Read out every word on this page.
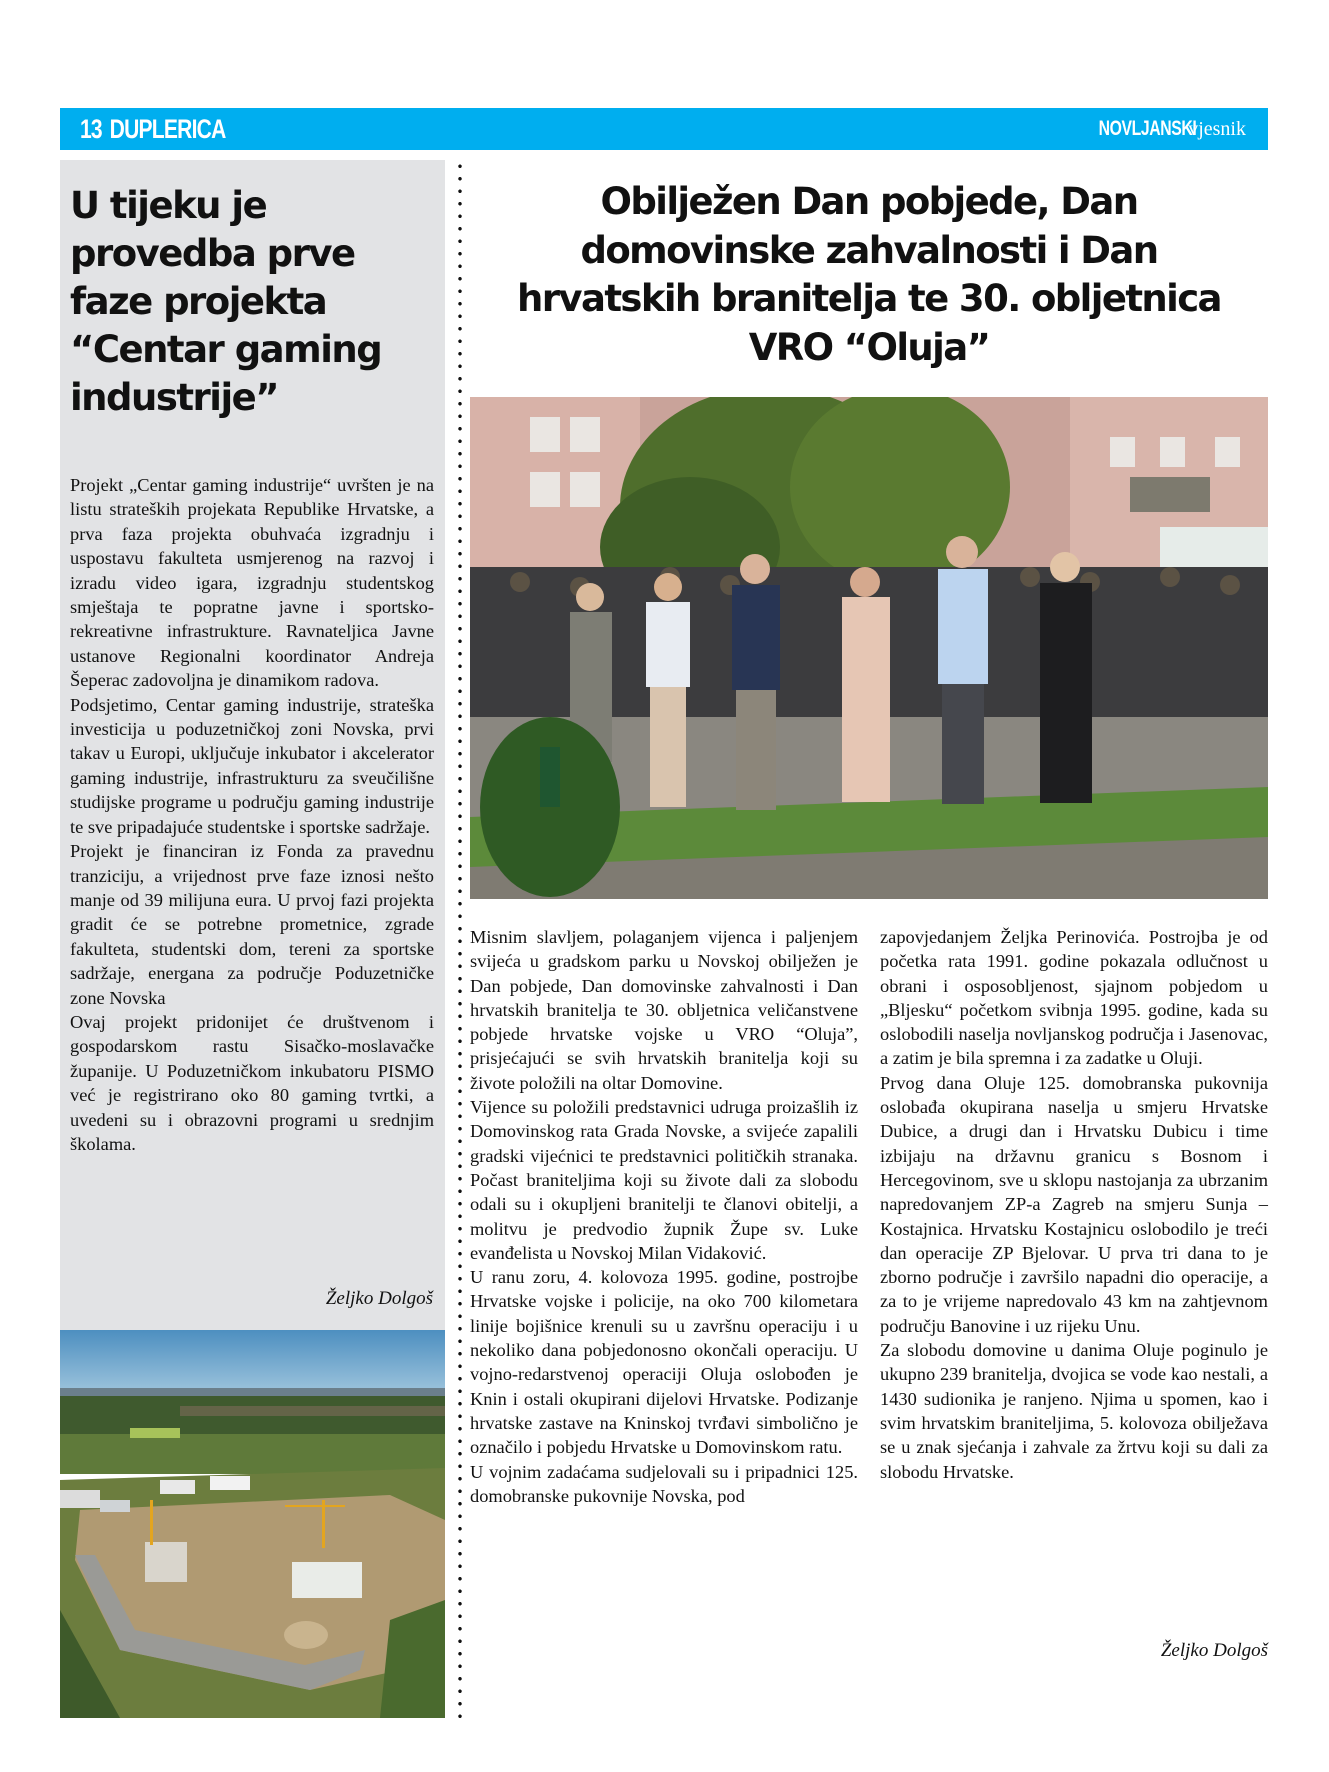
13 DUPLERICA	NOVLJANSKI vjesnik
U tijeku je
provedba prve
faze projekta
“Centar gaming
industrije”

Projekt „Centar gaming industrije“ uvršten je na listu strateških projekata Republike Hrvatske, a prva faza projekta obuhvaća izgradnju i uspostavu fakulteta usmjerenog na razvoj i izradu video igara, izgradnju studentskog smještaja te popratne javne i sportsko-rekreativne infrastrukture. Ravnateljica Javne ustanove Regionalni koordinator Andreja Šeperac zadovoljna je dinamikom radova.

Podsjetimo, Centar gaming industrije, strateška investicija u poduzetničkoj zoni Novska, prvi takav u Europi, uključuje inkubator i akcelerator gaming industrije, infrastrukturu za sveučilišne studijske programe u području gaming industrije te sve pripadajuće studentske i sportske sadržaje.

Projekt je financiran iz Fonda za pravednu tranziciju, a vrijednost prve faze iznosi nešto manje od 39 milijuna eura. U prvoj fazi projekta gradit će se potrebne prometnice, zgrade fakulteta, studentski dom, tereni za sportske sadržaje, energana za područje Poduzetničke zone Novska

Ovaj projekt pridonijet će društvenom i gospodarskom rastu Sisačko-moslavačke županije. U Poduzetničkom inkubatoru PISMO već je registrirano oko 80 gaming tvrtki, a uvedeni su i obrazovni programi u srednjim školama.

Željko Dolgoš
Obilježen Dan pobjede, Dan
domovinske zahvalnosti i Dan
hrvatskih branitelja te 30. obljetnica
VRO “Oluja”

Misnim slavljem, polaganjem vijenca i paljenjem svijeća u gradskom parku u Novskoj obilježen je Dan pobjede, Dan domovinske zahvalnosti i Dan hrvatskih branitelja te 30. obljetnica veličanstvene pobjede hrvatske vojske u VRO “Oluja”, prisjećajući se svih hrvatskih branitelja koji su živote položili na oltar Domovine.

Vijence su položili predstavnici udruga proizašlih iz Domovinskog rata Grada Novske, a svijeće zapalili gradski vijećnici te predstavnici političkih stranaka. Počast braniteljima koji su živote dali za slobodu odali su i okupljeni branitelji te članovi obitelji, a molitvu je predvodio župnik Župe sv. Luke evanđelista u Novskoj Milan Vidaković.

U ranu zoru, 4. kolovoza 1995. godine, postrojbe Hrvatske vojske i policije, na oko 700 kilometara linije bojišnice krenuli su u završnu operaciju i u nekoliko dana pobjedonosno okončali operaciju. U vojno-redarstvenoj operaciji Oluja oslobođen je Knin i ostali okupirani dijelovi Hrvatske. Podizanje hrvatske zastave na Kninskoj tvrđavi simbolično je označilo i pobjedu Hrvatske u Domovinskom ratu.

U vojnim zadaćama sudjelovali su i pripadnici 125. domobranske pukovnije Novska, pod

zapovjedanjem Željka Perinovića. Postrojba je od početka rata 1991. godine pokazala odlučnost u obrani i osposobljenost, sjajnom pobjedom u „Bljesku“ početkom svibnja 1995. godine, kada su oslobodili naselja novljanskog područja i Jasenovac, a zatim je bila spremna i za zadatke u Oluji.

Prvog dana Oluje 125. domobranska pukovnija oslobađa okupirana naselja u smjeru Hrvatske Dubice, a drugi dan i Hrvatsku Dubicu i time izbijaju na državnu granicu s Bosnom i Hercegovinom, sve u sklopu nastojanja za ubrzanim napredovanjem ZP-a Zagreb na smjeru Sunja – Kostajnica. Hrvatsku Kostajnicu oslobodilo je treći dan operacije ZP Bjelovar. U prva tri dana to je zborno područje i završilo napadni dio operacije, a za to je vrijeme napredovalo 43 km na zahtjevnom području Banovine i uz rijeku Unu.

Za slobodu domovine u danima Oluje poginulo je ukupno 239 branitelja, dvojica se vode kao nestali, a 1430 sudionika je ranjeno. Njima u spomen, kao i svim hrvatskim braniteljima, 5. kolovoza obilježava se u znak sjećanja i zahvale za žrtvu koji su dali za slobodu Hrvatske.

Željko Dolgoš
